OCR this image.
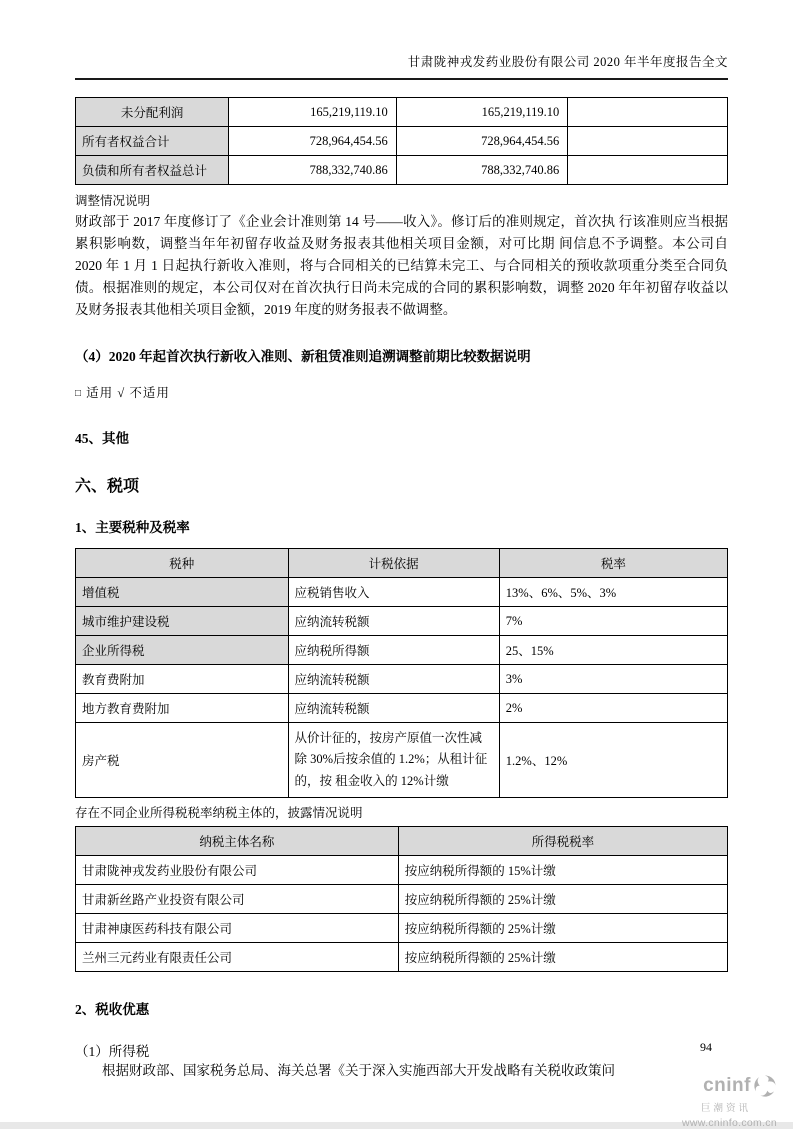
甘肃陇神戎发药业股份有限公司 2020 年半年度报告全文
未分配利润	165,219,119.10	165,219,119.10	
所有者权益合计	728,964,454.56	728,964,454.56	
负债和所有者权益总计	788,332,740.86	788,332,740.86	

调整情况说明

财政部于 2017 年度修订了《企业会计准则第 14 号——收入》。修订后的准则规定，首次执 行该准则应当根据累积影响数，调整当年年初留存收益及财务报表其他相关项目金额，对可比期 间信息不予调整。本公司自 2020 年 1 月 1 日起执行新收入准则，将与合同相关的已结算未完工、与合同相关的预收款项重分类至合同负债。根据准则的规定，本公司仅对在首次执行日尚未完成的合同的累积影响数，调整 2020 年年初留存收益以及财务报表其他相关项目金额，2019 年度的财务报表不做调整。

（4）2020 年起首次执行新收入准则、新租赁准则追溯调整前期比较数据说明

□ 适用 √ 不适用

45、其他

六、税项

1、主要税种及税率

税种	计税依据	税率
增值税	应税销售收入	13%、6%、5%、3%
城市维护建设税	应纳流转税额	7%
企业所得税	应纳税所得额	25、15%
教育费附加	应纳流转税额	3%
地方教育费附加	应纳流转税额	2%
房产税	从价计征的，按房产原值一次性减除 30%后按余值的 1.2%；从租计征的，按 租金收入的 12%计缴	1.2%、12%

存在不同企业所得税税率纳税主体的，披露情况说明

纳税主体名称	所得税税率
甘肃陇神戎发药业股份有限公司	按应纳税所得额的 15%计缴
甘肃新丝路产业投资有限公司	按应纳税所得额的 25%计缴
甘肃神康医药科技有限公司	按应纳税所得额的 25%计缴
兰州三元药业有限责任公司	按应纳税所得额的 25%计缴

2、税收优惠

（1）所得税

根据财政部、国家税务总局、海关总署《关于深入实施西部大开发战略有关税收政策问

94
cninf
巨潮资讯
www.cninfo.com.cn
